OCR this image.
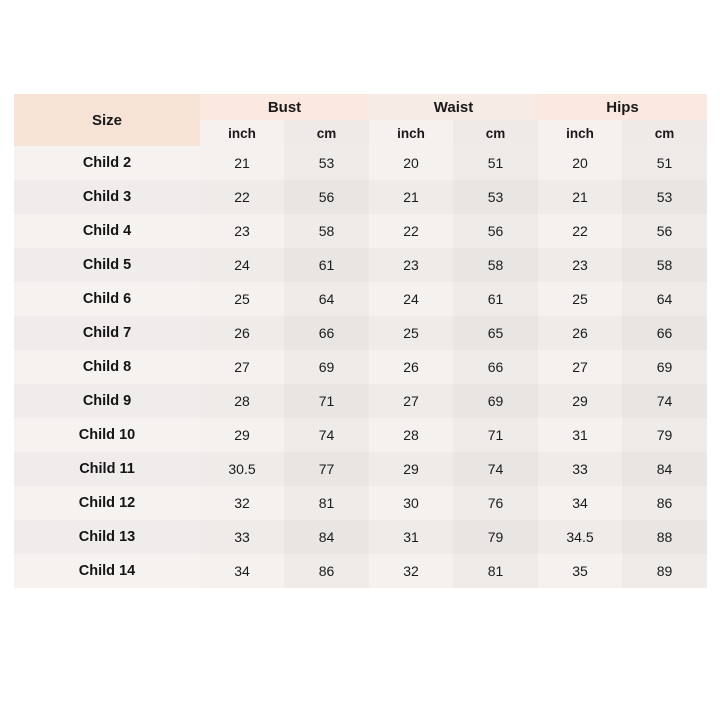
Size	Bust		Waist		Hips	
	inch	cm	inch	cm	inch	cm
Child 2	21	53	20	51	20	51
Child 3	22	56	21	53	21	53
Child 4	23	58	22	56	22	56
Child 5	24	61	23	58	23	58
Child 6	25	64	24	61	25	64
Child 7	26	66	25	65	26	66
Child 8	27	69	26	66	27	69
Child 9	28	71	27	69	29	74
Child 10	29	74	28	71	31	79
Child 11	30.5	77	29	74	33	84
Child 12	32	81	30	76	34	86
Child 13	33	84	31	79	34.5	88
Child 14	34	86	32	81	35	89
